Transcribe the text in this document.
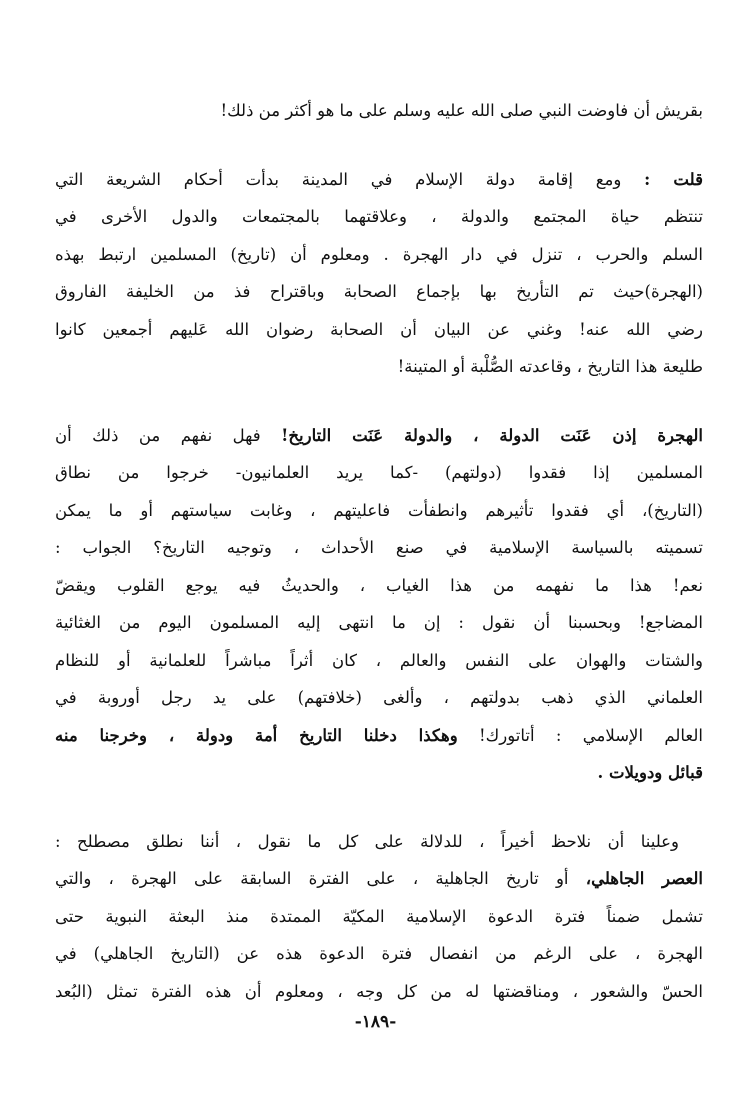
بقريش أن فاوضت النبي صلى الله عليه وسلم على ما هو أكثر من ذلك!
قلت : ومع إقامة دولة الإسلام في المدينة بدأت أحكام الشريعة التي
تنتظم حياة المجتمع والدولة ، وعلاقتهما بالمجتمعات والدول الأخرى في
السلم والحرب ، تنزل في دار الهجرة . ومعلوم أن (تاريخ) المسلمين ارتبط بهذه
(الهجرة)حيث تم التأريخ بها بإجماع الصحابة وباقتراح فذ من الخليفة الفاروق
رضي الله عنه! وغني عن البيان أن الصحابة رضوان الله عَليهم أجمعين كانوا
طليعة هذا التاريخ ، وقاعدته الصُّلْبة أو المتينة!
الهجرة إذن عَنَت الدولة ، والدولة عَنَت التاريخ! فهل نفهم من ذلك أن
المسلمين إذا فقدوا (دولتهم) -كما يريد العلمانيون- خرجوا من نطاق
(التاريخ)، أي فقدوا تأثيرهم وانطفأت فاعليتهم ، وغابت سياستهم أو ما يمكن
تسميته بالسياسة الإسلامية في صنع الأحداث ، وتوجيه التاريخ؟ الجواب :
نعم! هذا ما نفهمه من هذا الغياب ، والحديثُ فيه يوجع القلوب ويقضّ
المضاجع! وبحسبنا أن نقول : إن ما انتهى إليه المسلمون اليوم من الغثائية
والشتات والهوان على النفس والعالم ، كان أثراً مباشراً للعلمانية أو للنظام
العلماني الذي ذهب بدولتهم ، وألغى (خلافتهم) على يد رجل أوروبة في
العالم الإسلامي : أتاتورك! وهكذا دخلنا التاريخ أمة ودولة ، وخرجنا منه
قبائل ودويلات .
وعلينا أن نلاحظ أخيراً ، للدلالة على كل ما نقول ، أننا نطلق مصطلح :
العصر الجاهلي، أو تاريخ الجاهلية ، على الفترة السابقة على الهجرة ، والتي
تشمل ضمناً فترة الدعوة الإسلامية المكيّة الممتدة منذ البعثة النبوية حتى
الهجرة ، على الرغم من انفصال فترة الدعوة هذه عن (التاريخ الجاهلي) في
الحسّ والشعور ، ومناقضتها له من كل وجه ، ومعلوم أن هذه الفترة تمثل (البُعد
-١٨٩-
